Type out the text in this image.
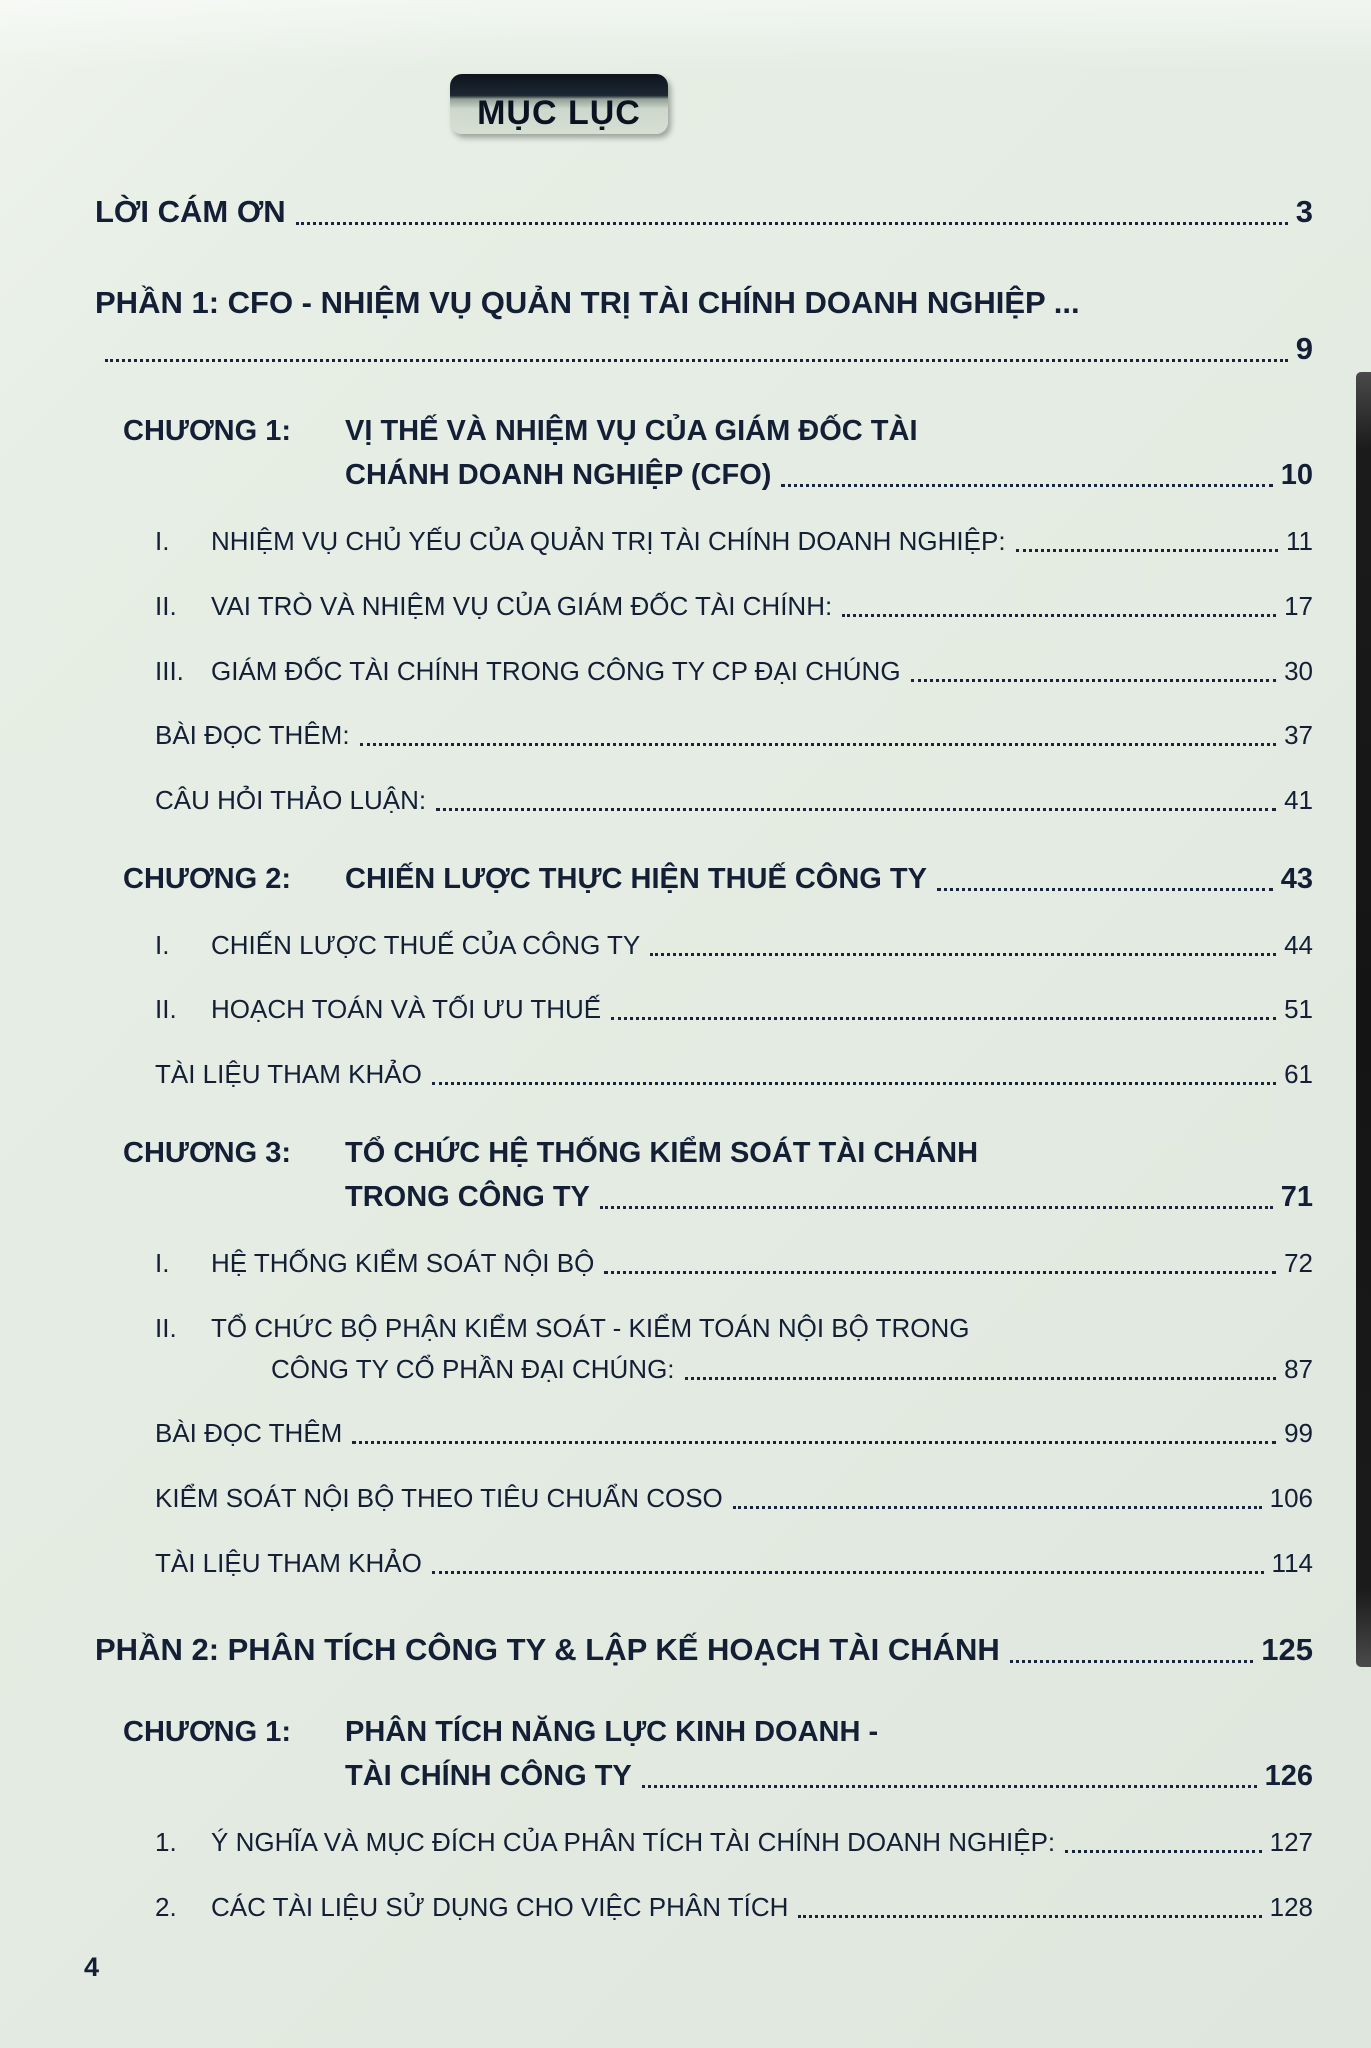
MỤC LỤC
LỜI CÁM ƠN	3
PHẦN 1: CFO - NHIỆM VỤ QUẢN TRỊ TÀI CHÍNH DOANH NGHIỆP ...
9
CHƯƠNG 1:	VỊ THẾ VÀ NHIỆM VỤ CỦA GIÁM ĐỐC TÀI
CHÁNH DOANH NGHIỆP (CFO)	10
I.	NHIỆM VỤ CHỦ YẾU CỦA QUẢN TRỊ TÀI CHÍNH DOANH NGHIỆP:	11
II.	VAI TRÒ VÀ NHIỆM VỤ CỦA GIÁM ĐỐC TÀI CHÍNH:	17
III.	GIÁM ĐỐC TÀI CHÍNH TRONG CÔNG TY CP ĐẠI CHÚNG	30
BÀI ĐỌC THÊM:	37
CÂU HỎI THẢO LUẬN:	41
CHƯƠNG 2:	CHIẾN LƯỢC THỰC HIỆN THUẾ CÔNG TY	43
I.	CHIẾN LƯỢC THUẾ CỦA CÔNG TY	44
II.	HOẠCH TOÁN VÀ TỐI ƯU THUẾ	51
TÀI LIỆU THAM KHẢO	61
CHƯƠNG 3:	TỔ CHỨC HỆ THỐNG KIỂM SOÁT TÀI CHÁNH
TRONG CÔNG TY	71
I.	HỆ THỐNG KIỂM SOÁT NỘI BỘ	72
II.	TỔ CHỨC BỘ PHẬN KIỂM SOÁT - KIỂM TOÁN NỘI BỘ TRONG
CÔNG TY CỔ PHẦN ĐẠI CHÚNG:	87
BÀI ĐỌC THÊM	99
KIỂM SOÁT NỘI BỘ THEO TIÊU CHUẨN COSO	106
TÀI LIỆU THAM KHẢO	114
PHẦN 2: PHÂN TÍCH CÔNG TY & LẬP KẾ HOẠCH TÀI CHÁNH	125
CHƯƠNG 1:	PHÂN TÍCH NĂNG LỰC KINH DOANH -
TÀI CHÍNH CÔNG TY	126
1.	Ý NGHĨA VÀ MỤC ĐÍCH CỦA PHÂN TÍCH TÀI CHÍNH DOANH NGHIỆP:	127
2.	CÁC TÀI LIỆU SỬ DỤNG CHO VIỆC PHÂN TÍCH	128
4
